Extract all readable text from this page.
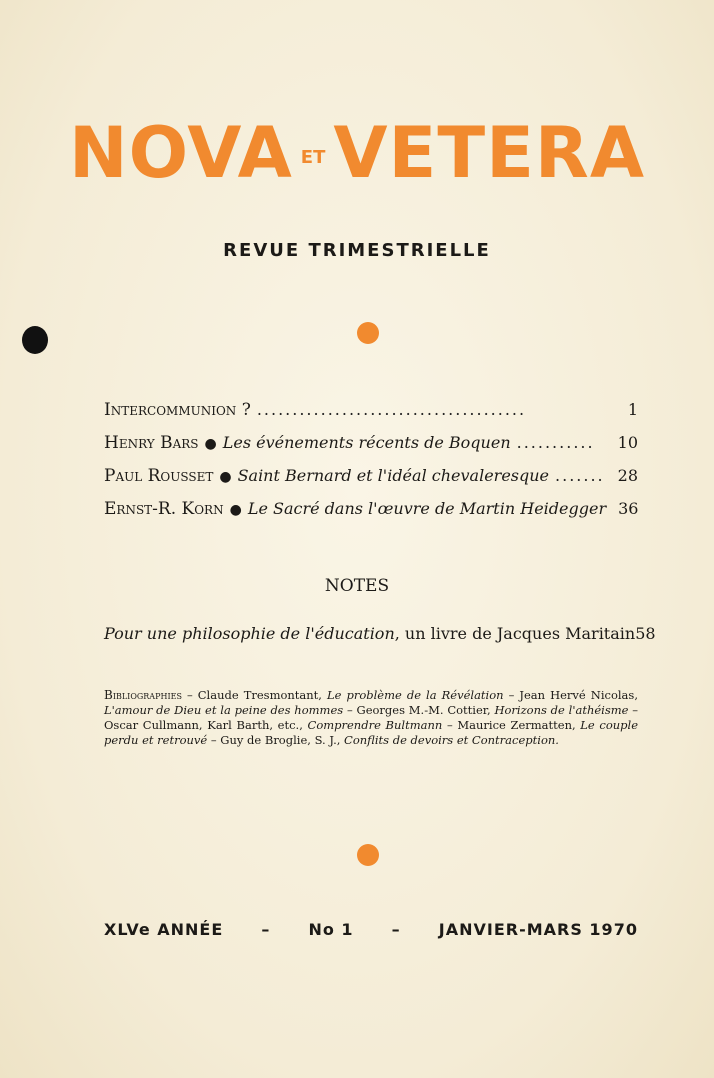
NOVA ET VETERA
REVUE TRIMESTRIELLE
Intercommunion ? ......................................	1
Henry Bars ● Les événements récents de Boquen ...........	10
Paul Rousset ● Saint Bernard et l'idéal chevaleresque ....... 28
Ernst-R. Korn ● Le Sacré dans l'œuvre de Martin Heidegger 36
NOTES
Pour une philosophie de l'éducation , un livre de Jacques Maritain 58
Bibliographies – Claude Tresmontant, Le problème de la Révélation – Jean Hervé Nicolas, L'amour de Dieu et la peine des hommes – Georges M.-M. Cottier, Horizons de l'athéisme – Oscar Cullmann, Karl Barth, etc., Comprendre Bultmann – Maurice Zermatten, Le couple perdu et retrouvé – Guy de Broglie, S. J., Conflits de devoirs et Contraception.
XLVe ANNÉE – No 1 – JANVIER-MARS 1970
